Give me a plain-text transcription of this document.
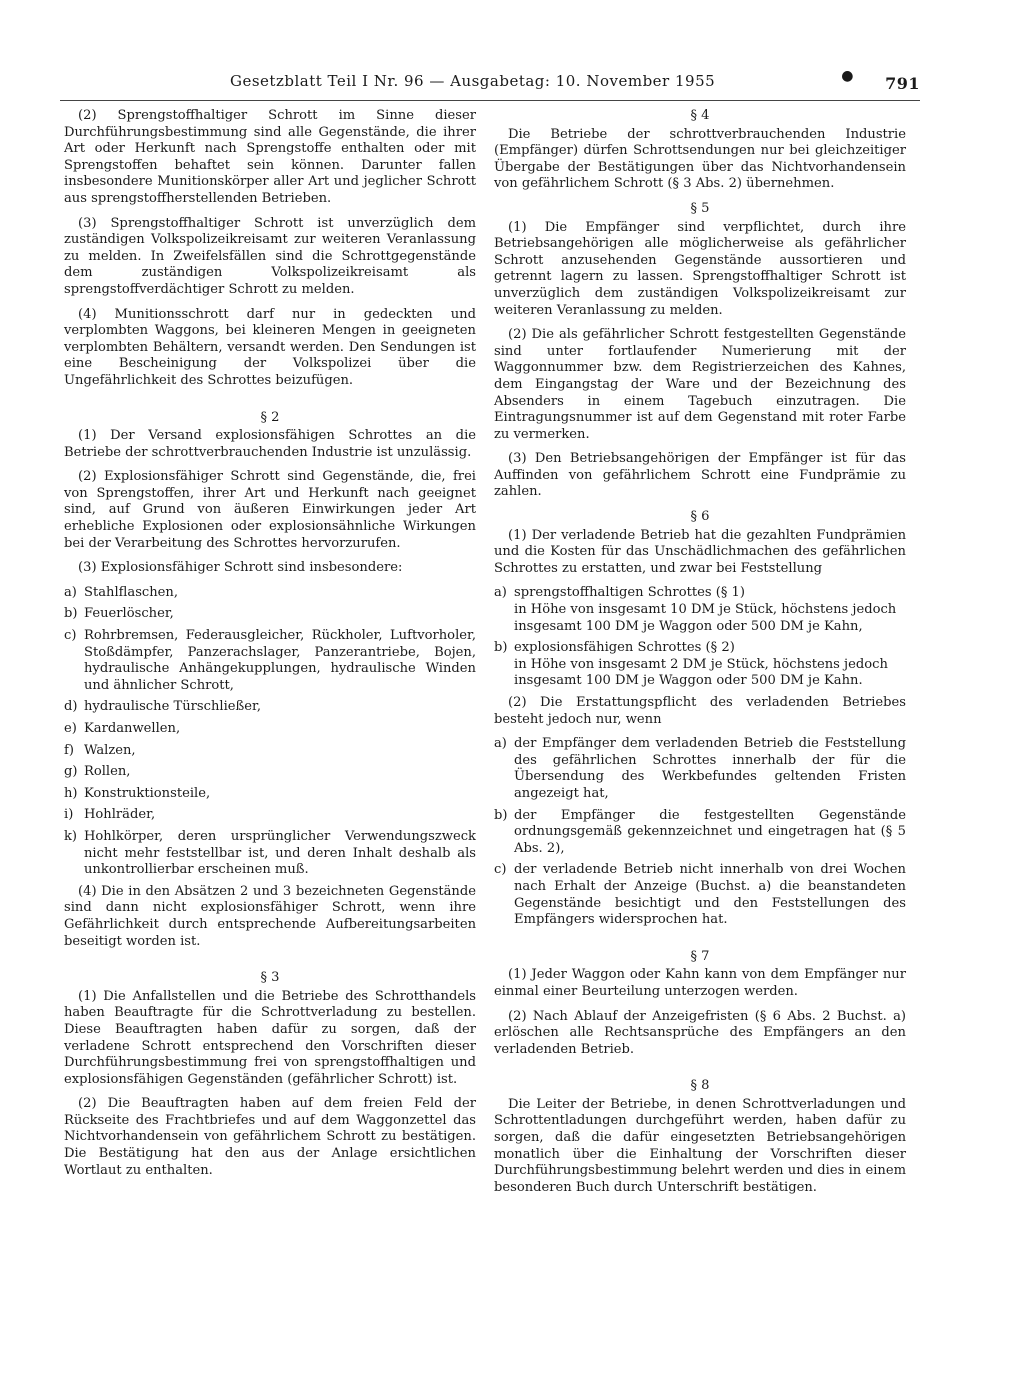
Gesetzblatt Teil I Nr. 96 — Ausgabetag: 10. November 1955	● 791

(2) Sprengstoffhaltiger Schrott im Sinne dieser Durchführungsbestimmung sind alle Gegenstände, die ihrer Art oder Herkunft nach Sprengstoffe enthalten oder mit Sprengstoffen behaftet sein können. Darunter fallen insbesondere Munitionskörper aller Art und jeglicher Schrott aus sprengstoffherstellenden Betrieben.

(3) Sprengstoffhaltiger Schrott ist unverzüglich dem zuständigen Volkspolizeikreisamt zur weiteren Veranlassung zu melden. In Zweifelsfällen sind die Schrottgegenstände dem zuständigen Volkspolizeikreisamt als sprengstoffverdächtiger Schrott zu melden.

(4) Munitionsschrott darf nur in gedeckten und verplombten Waggons, bei kleineren Mengen in geeigneten verplombten Behältern, versandt werden. Den Sendungen ist eine Bescheinigung der Volkspolizei über die Ungefährlichkeit des Schrottes beizufügen.

§ 2

(1) Der Versand explosionsfähigen Schrottes an die Betriebe der schrottverbrauchenden Industrie ist unzulässig.

(2) Explosionsfähiger Schrott sind Gegenstände, die, frei von Sprengstoffen, ihrer Art und Herkunft nach geeignet sind, auf Grund von äußeren Einwirkungen jeder Art erhebliche Explosionen oder explosionsähnliche Wirkungen bei der Verarbeitung des Schrottes hervorzurufen.

(3) Explosionsfähiger Schrott sind insbesondere:

a) Stahlflaschen,
b) Feuerlöscher,
c) Rohrbremsen, Federausgleicher, Rückholer, Luftvorholer, Stoßdämpfer, Panzerachslager, Panzerantriebe, Bojen, hydraulische Anhängekupplungen, hydraulische Winden und ähnlicher Schrott,
d) hydraulische Türschließer,
e) Kardanwellen,
f) Walzen,
g) Rollen,
h) Konstruktionsteile,
i) Hohlräder,
k) Hohlkörper, deren ursprünglicher Verwendungszweck nicht mehr feststellbar ist, und deren Inhalt deshalb als unkontrollierbar erscheinen muß.

(4) Die in den Absätzen 2 und 3 bezeichneten Gegenstände sind dann nicht explosionsfähiger Schrott, wenn ihre Gefährlichkeit durch entsprechende Aufbereitungsarbeiten beseitigt worden ist.

§ 3

(1) Die Anfallstellen und die Betriebe des Schrotthandels haben Beauftragte für die Schrottverladung zu bestellen. Diese Beauftragten haben dafür zu sorgen, daß der verladene Schrott entsprechend den Vorschriften dieser Durchführungsbestimmung frei von sprengstoffhaltigen und explosionsfähigen Gegenständen (gefährlicher Schrott) ist.

(2) Die Beauftragten haben auf dem freien Feld der Rückseite des Frachtbriefes und auf dem Waggonzettel das Nichtvorhandensein von gefährlichem Schrott zu bestätigen. Die Bestätigung hat den aus der Anlage ersichtlichen Wortlaut zu enthalten.

§ 4

Die Betriebe der schrottverbrauchenden Industrie (Empfänger) dürfen Schrottsendungen nur bei gleichzeitiger Übergabe der Bestätigungen über das Nichtvorhandensein von gefährlichem Schrott (§ 3 Abs. 2) übernehmen.

§ 5

(1) Die Empfänger sind verpflichtet, durch ihre Betriebsangehörigen alle möglicherweise als gefährlicher Schrott anzusehenden Gegenstände aussortieren und getrennt lagern zu lassen. Sprengstoffhaltiger Schrott ist unverzüglich dem zuständigen Volkspolizeikreisamt zur weiteren Veranlassung zu melden.

(2) Die als gefährlicher Schrott festgestellten Gegenstände sind unter fortlaufender Numerierung mit der Waggonnummer bzw. dem Registrierzeichen des Kahnes, dem Eingangstag der Ware und der Bezeichnung des Absenders in einem Tagebuch einzutragen. Die Eintragungsnummer ist auf dem Gegenstand mit roter Farbe zu vermerken.

(3) Den Betriebsangehörigen der Empfänger ist für das Auffinden von gefährlichem Schrott eine Fundprämie zu zahlen.

§ 6

(1) Der verladende Betrieb hat die gezahlten Fundprämien und die Kosten für das Unschädlichmachen des gefährlichen Schrottes zu erstatten, und zwar bei Feststellung

a) sprengstoffhaltigen Schrottes (§ 1)
in Höhe von insgesamt 10 DM je Stück, höchstens jedoch insgesamt 100 DM je Waggon oder 500 DM je Kahn,
b) explosionsfähigen Schrottes (§ 2)
in Höhe von insgesamt 2 DM je Stück, höchstens jedoch insgesamt 100 DM je Waggon oder 500 DM je Kahn.

(2) Die Erstattungspflicht des verladenden Betriebes besteht jedoch nur, wenn

a) der Empfänger dem verladenden Betrieb die Feststellung des gefährlichen Schrottes innerhalb der für die Übersendung des Werkbefundes geltenden Fristen angezeigt hat,
b) der Empfänger die festgestellten Gegenstände ordnungsgemäß gekennzeichnet und eingetragen hat (§ 5 Abs. 2),
c) der verladende Betrieb nicht innerhalb von drei Wochen nach Erhalt der Anzeige (Buchst. a) die beanstandeten Gegenstände besichtigt und den Feststellungen des Empfängers widersprochen hat.

§ 7

(1) Jeder Waggon oder Kahn kann von dem Empfänger nur einmal einer Beurteilung unterzogen werden.

(2) Nach Ablauf der Anzeigefristen (§ 6 Abs. 2 Buchst. a) erlöschen alle Rechtsansprüche des Empfängers an den verladenden Betrieb.

§ 8

Die Leiter der Betriebe, in denen Schrottverladungen und Schrottentladungen durchgeführt werden, haben dafür zu sorgen, daß die dafür eingesetzten Betriebsangehörigen monatlich über die Einhaltung der Vorschriften dieser Durchführungsbestimmung belehrt werden und dies in einem besonderen Buch durch Unterschrift bestätigen.
